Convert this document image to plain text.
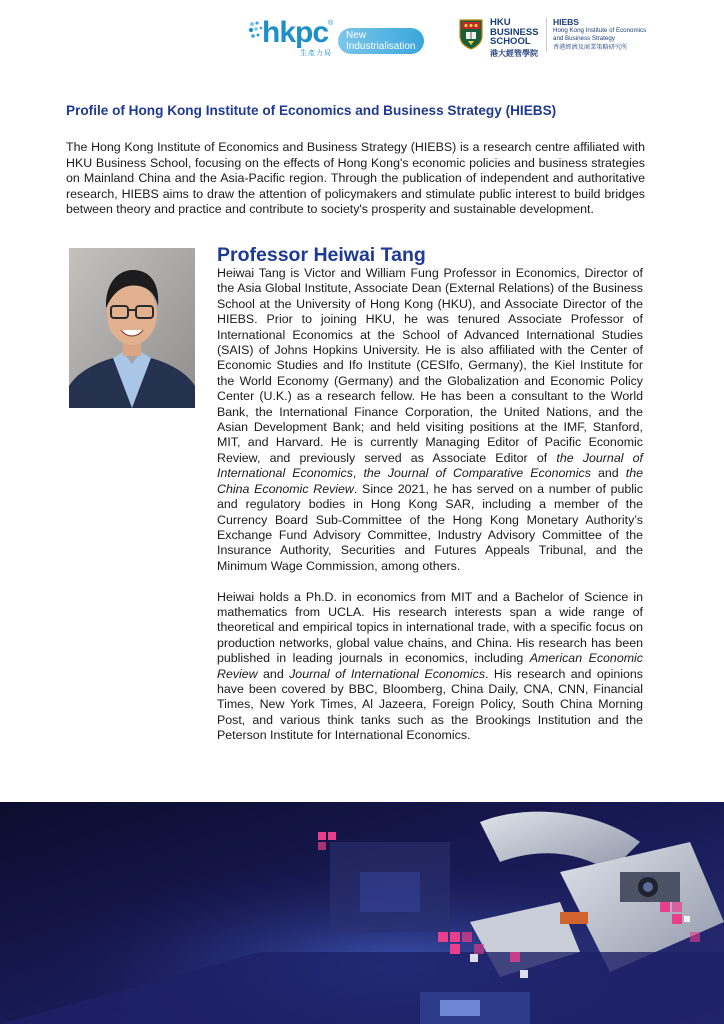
hkpc ®
生產力局
New
Industrialisation
HKU
BUSINESS
SCHOOL
港大經管學院
HIEBS
Hong Kong Institute of Economics
and Business Strategy
香港經濟及商業策略研究所
Profile of Hong Kong Institute of Economics and Business Strategy (HIEBS)

The Hong Kong Institute of Economics and Business Strategy (HIEBS) is a research centre affiliated with HKU Business School, focusing on the effects of Hong Kong's economic policies and business strategies on Mainland China and the Asia-Pacific region. Through the publication of independent and authoritative research, HIEBS aims to draw the attention of policymakers and stimulate public interest to build bridges between theory and practice and contribute to society's prosperity and sustainable development.

Professor Heiwai Tang

Heiwai Tang is Victor and William Fung Professor in Economics, Director of the Asia Global Institute, Associate Dean (External Relations) of the Business School at the University of Hong Kong (HKU), and Associate Director of the HIEBS. Prior to joining HKU, he was tenured Associate Professor of International Economics at the School of Advanced International Studies (SAIS) of Johns Hopkins University. He is also affiliated with the Center of Economic Studies and Ifo Institute (CESIfo, Germany), the Kiel Institute for the World Economy (Germany) and the Globalization and Economic Policy Center (U.K.) as a research fellow. He has been a consultant to the World Bank, the International Finance Corporation, the United Nations, and the Asian Development Bank; and held visiting positions at the IMF, Stanford, MIT, and Harvard. He is currently Managing Editor of Pacific Economic Review, and previously served as Associate Editor of the Journal of International Economics, the Journal of Comparative Economics and the China Economic Review. Since 2021, he has served on a number of public and regulatory bodies in Hong Kong SAR, including a member of the Currency Board Sub-Committee of the Hong Kong Monetary Authority’s Exchange Fund Advisory Committee, Industry Advisory Committee of the Insurance Authority, Securities and Futures Appeals Tribunal, and the Minimum Wage Commission, among others.

Heiwai holds a Ph.D. in economics from MIT and a Bachelor of Science in mathematics from UCLA. His research interests span a wide range of theoretical and empirical topics in international trade, with a specific focus on production networks, global value chains, and China. His research has been published in leading journals in economics, including American Economic Review and Journal of International Economics. His research and opinions have been covered by BBC, Bloomberg, China Daily, CNA, CNN, Financial Times, New York Times, Al Jazeera, Foreign Policy, South China Morning Post, and various think tanks such as the Brookings Institution and the Peterson Institute for International Economics.
